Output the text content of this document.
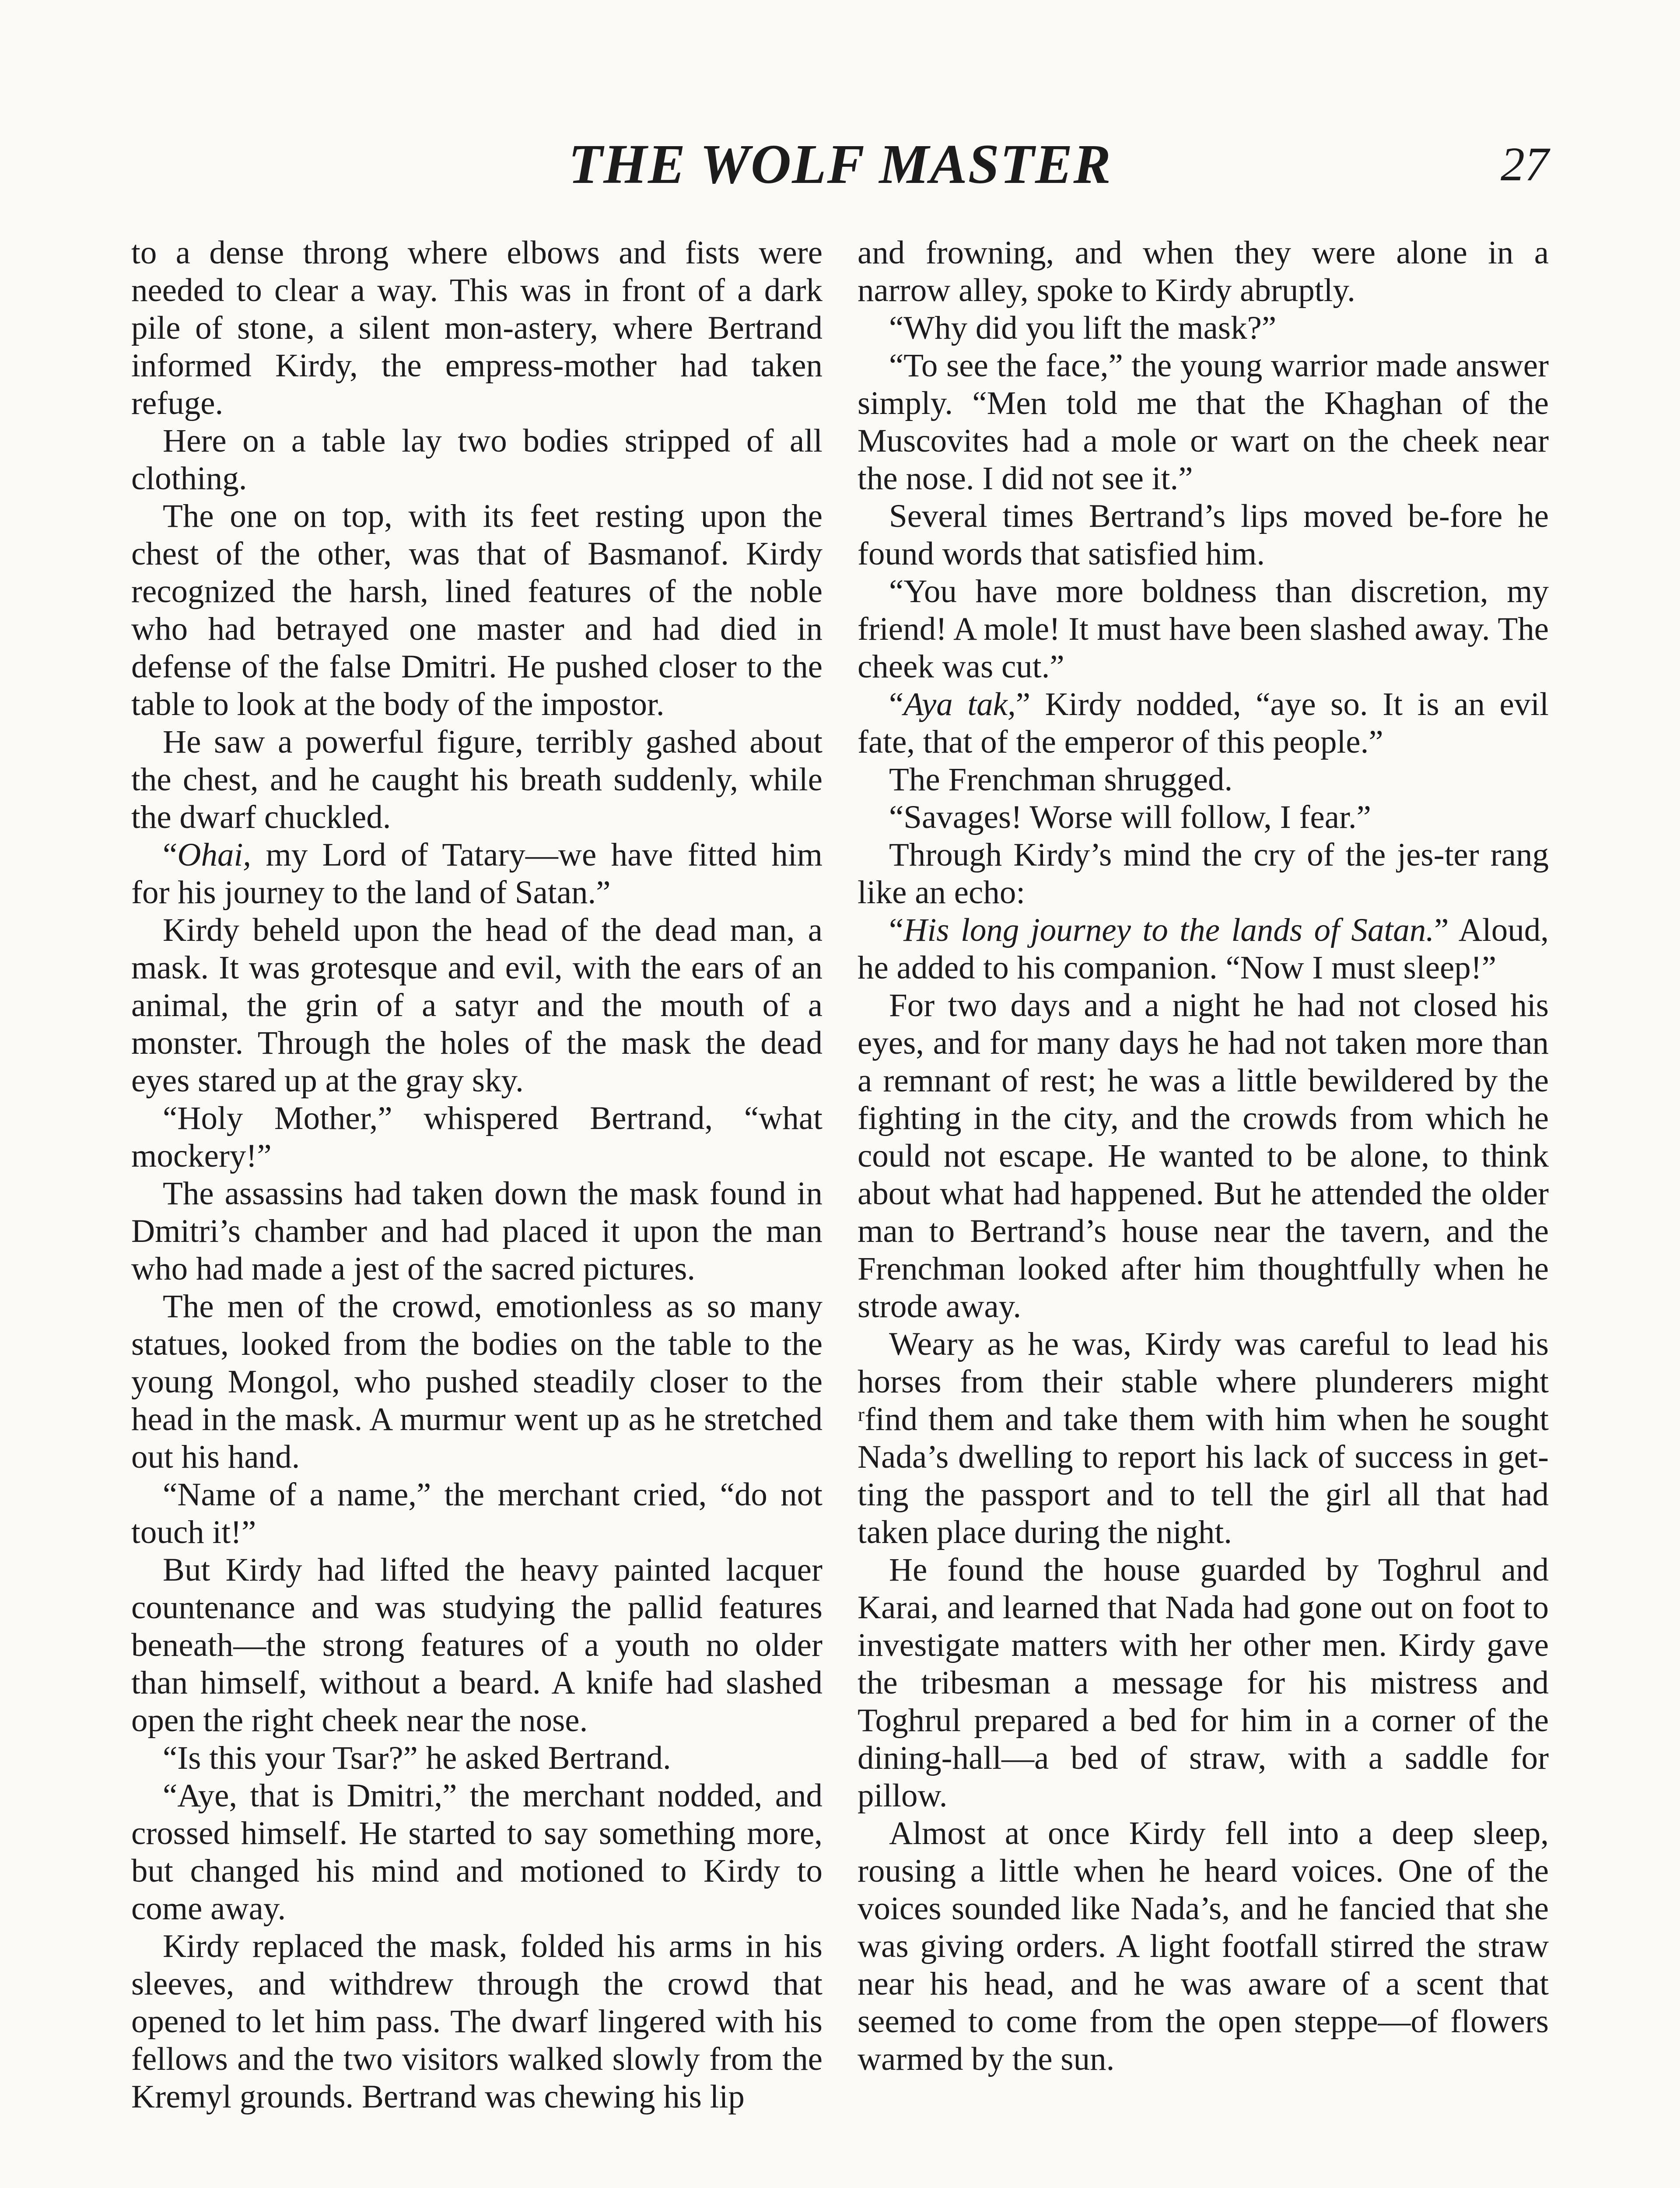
THE WOLF MASTER	27

to a dense throng where elbows and fists were needed to clear a way. This was in front of a dark pile of stone, a silent mon-astery, where Bertrand informed Kirdy, the empress-mother had taken refuge.

Here on a table lay two bodies stripped of all clothing.

The one on top, with its feet resting upon the chest of the other, was that of Basmanof. Kirdy recognized the harsh, lined features of the noble who had betrayed one master and had died in defense of the false Dmitri. He pushed closer to the table to look at the body of the impostor.

He saw a powerful figure, terribly gashed about the chest, and he caught his breath suddenly, while the dwarf chuckled.

“Ohai, my Lord of Tatary—we have fitted him for his journey to the land of Satan.”

Kirdy beheld upon the head of the dead man, a mask. It was grotesque and evil, with the ears of an animal, the grin of a satyr and the mouth of a monster. Through the holes of the mask the dead eyes stared up at the gray sky.

“Holy Mother,” whispered Bertrand, “what mockery!”

The assassins had taken down the mask found in Dmitri’s chamber and had placed it upon the man who had made a jest of the sacred pictures.

The men of the crowd, emotionless as so many statues, looked from the bodies on the table to the young Mongol, who pushed steadily closer to the head in the mask. A murmur went up as he stretched out his hand.

“Name of a name,” the merchant cried, “do not touch it!”

But Kirdy had lifted the heavy painted lacquer countenance and was studying the pallid features beneath—the strong features of a youth no older than himself, without a beard. A knife had slashed open the right cheek near the nose.

“Is this your Tsar?” he asked Bertrand.

“Aye, that is Dmitri,” the merchant nodded, and crossed himself. He started to say something more, but changed his mind and motioned to Kirdy to come away.

Kirdy replaced the mask, folded his arms in his sleeves, and withdrew through the crowd that opened to let him pass. The dwarf lingered with his fellows and the two visitors walked slowly from the Kremyl grounds. Bertrand was chewing his lip

and frowning, and when they were alone in a narrow alley, spoke to Kirdy abruptly.

“Why did you lift the mask?”

“To see the face,” the young warrior made answer simply. “Men told me that the Khaghan of the Muscovites had a mole or wart on the cheek near the nose. I did not see it.”

Several times Bertrand’s lips moved be-fore he found words that satisfied him.

“You have more boldness than discretion, my friend! A mole! It must have been slashed away. The cheek was cut.”

“Aya tak,” Kirdy nodded, “aye so. It is an evil fate, that of the emperor of this people.”

The Frenchman shrugged.

“Savages! Worse will follow, I fear.”

Through Kirdy’s mind the cry of the jes-ter rang like an echo:

“His long journey to the lands of Satan.” Aloud, he added to his companion. “Now I must sleep!”

For two days and a night he had not closed his eyes, and for many days he had not taken more than a remnant of rest; he was a little bewildered by the fighting in the city, and the crowds from which he could not escape. He wanted to be alone, to think about what had happened. But he attended the older man to Bertrand’s house near the tavern, and the Frenchman looked after him thoughtfully when he strode away.

Weary as he was, Kirdy was careful to lead his horses from their stable where plunderers might ʳfind them and take them with him when he sought Nada’s dwelling to report his lack of success in get-ting the passport and to tell the girl all that had taken place during the night.

He found the house guarded by Toghrul and Karai, and learned that Nada had gone out on foot to investigate matters with her other men. Kirdy gave the tribesman a message for his mistress and Toghrul prepared a bed for him in a corner of the dining-hall—a bed of straw, with a saddle for pillow.

Almost at once Kirdy fell into a deep sleep, rousing a little when he heard voices. One of the voices sounded like Nada’s, and he fancied that she was giving orders. A light footfall stirred the straw near his head, and he was aware of a scent that seemed to come from the open steppe—of flowers warmed by the sun.
